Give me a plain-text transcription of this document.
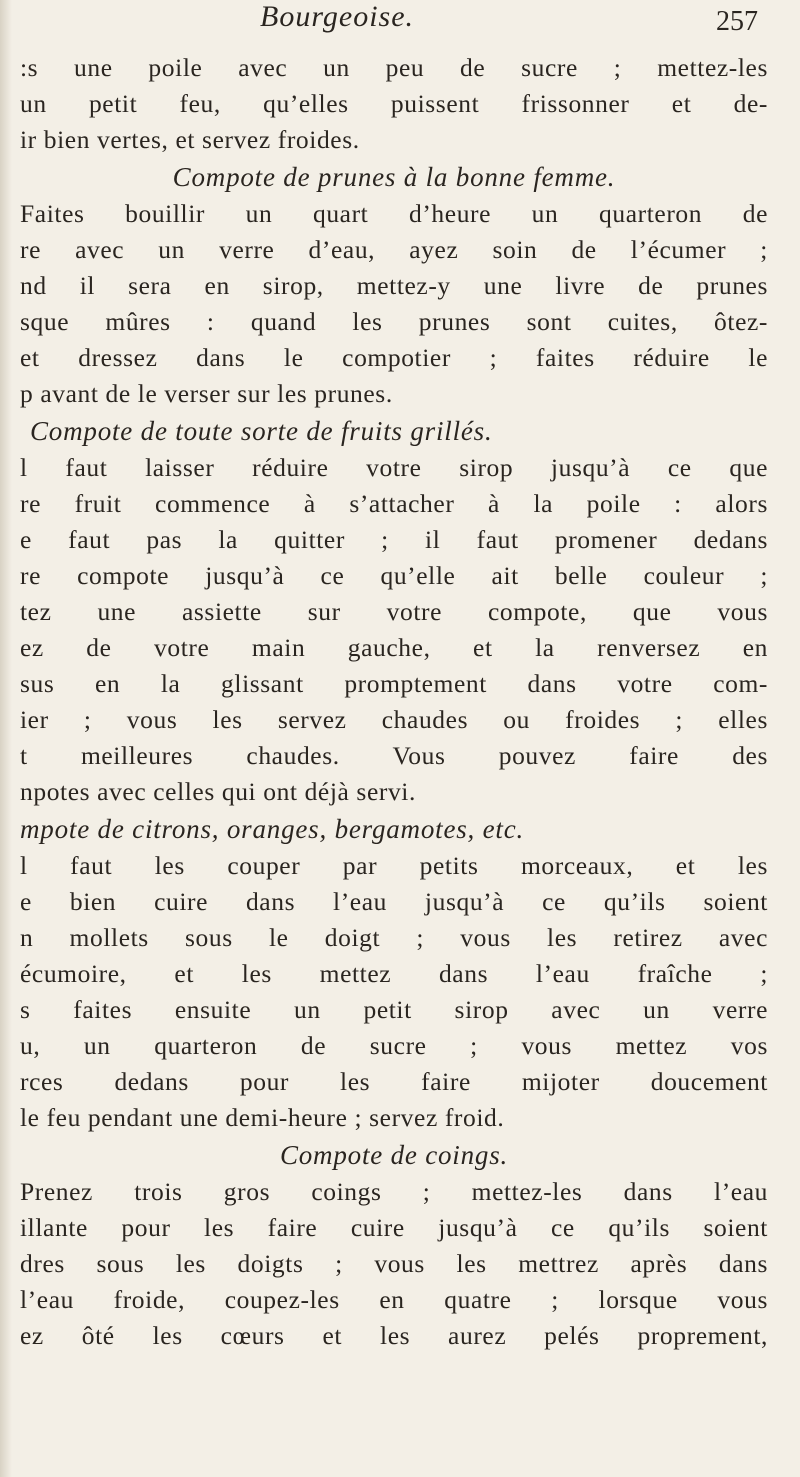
Bourgeoise.	257
:s une poile avec un peu de sucre ; mettez-les
un petit feu, qu’elles puissent frissonner et de-
ir bien vertes, et servez froides.
Compote de prunes à la bonne femme.
Faites bouillir un quart d’heure un quarteron de
re avec un verre d’eau, ayez soin de l’écumer ;
nd il sera en sirop, mettez-y une livre de prunes
sque mûres : quand les prunes sont cuites, ôtez-
et dressez dans le compotier ; faites réduire le
p avant de le verser sur les prunes.
Compote de toute sorte de fruits grillés.
l faut laisser réduire votre sirop jusqu’à ce que
re fruit commence à s’attacher à la poile : alors
e faut pas la quitter ; il faut promener dedans
re compote jusqu’à ce qu’elle ait belle couleur ;
tez une assiette sur votre compote, que vous
ez de votre main gauche, et la renversez en
sus en la glissant promptement dans votre com-
ier ; vous les servez chaudes ou froides ; elles
t meilleures chaudes. Vous pouvez faire des
npotes avec celles qui ont déjà servi.
mpote de citrons, oranges, bergamotes, etc.
l faut les couper par petits morceaux, et les
e bien cuire dans l’eau jusqu’à ce qu’ils soient
n mollets sous le doigt ; vous les retirez avec
écumoire, et les mettez dans l’eau fraîche ;
s faites ensuite un petit sirop avec un verre
u, un quarteron de sucre ; vous mettez vos
rces dedans pour les faire mijoter doucement
le feu pendant une demi-heure ; servez froid.
Compote de coings.
Prenez trois gros coings ; mettez-les dans l’eau
illante pour les faire cuire jusqu’à ce qu’ils soient
dres sous les doigts ; vous les mettrez après dans
l’eau froide, coupez-les en quatre ; lorsque vous
ez ôté les cœurs et les aurez pelés proprement,
